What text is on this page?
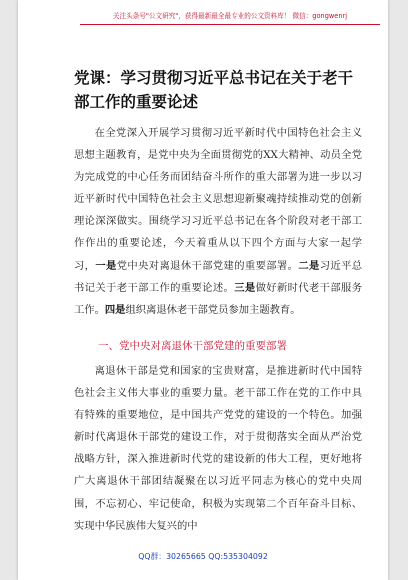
关注头条号"公文研究"，获得最新最全最专业的公文资料库！ 微信：gongwenrj
党课：学习贯彻习近平总书记在关于老干部工作的重要论述
在全党深入开展学习贯彻习近平新时代中国特色社会主义思想主题教育，是党中央为全面贯彻党的XX大精神、动员全党为完成党的中心任务而团结奋斗所作的重大部署为进一步以习近平新时代中国特色社会主义思想迎新聚魂持续推动党的创新理论深深做实。围绕学习习近平总书记在各个阶段对老干部工作作出的重要论述，今天着重从以下四个方面与大家一起学习，一是党中央对离退休干部党建的重要部署。二是习近平总书记关于老干部工作的重要论述。三是做好新时代老干部服务工作。四是组织离退休老干部党员参加主题教育。
一、党中央对离退休干部党建的重要部署
离退休干部是党和国家的宝贵财富，是推进新时代中国特色社会主义伟大事业的重要力量。老干部工作在党的工作中具有特殊的重要地位，是中国共产党党的建设的一个特色。加强新时代离退休干部党的建设工作，对于贯彻落实全面从严治党战略方针，深入推进新时代党的建设新的伟大工程，更好地将广大离退休干部团结凝聚在以习近平同志为核心的党中央周围，不忘初心、牢记使命，积极为实现第二个百年奋斗目标、实现中华民族伟大复兴的中
QQ群：30265665 QQ:535304092
